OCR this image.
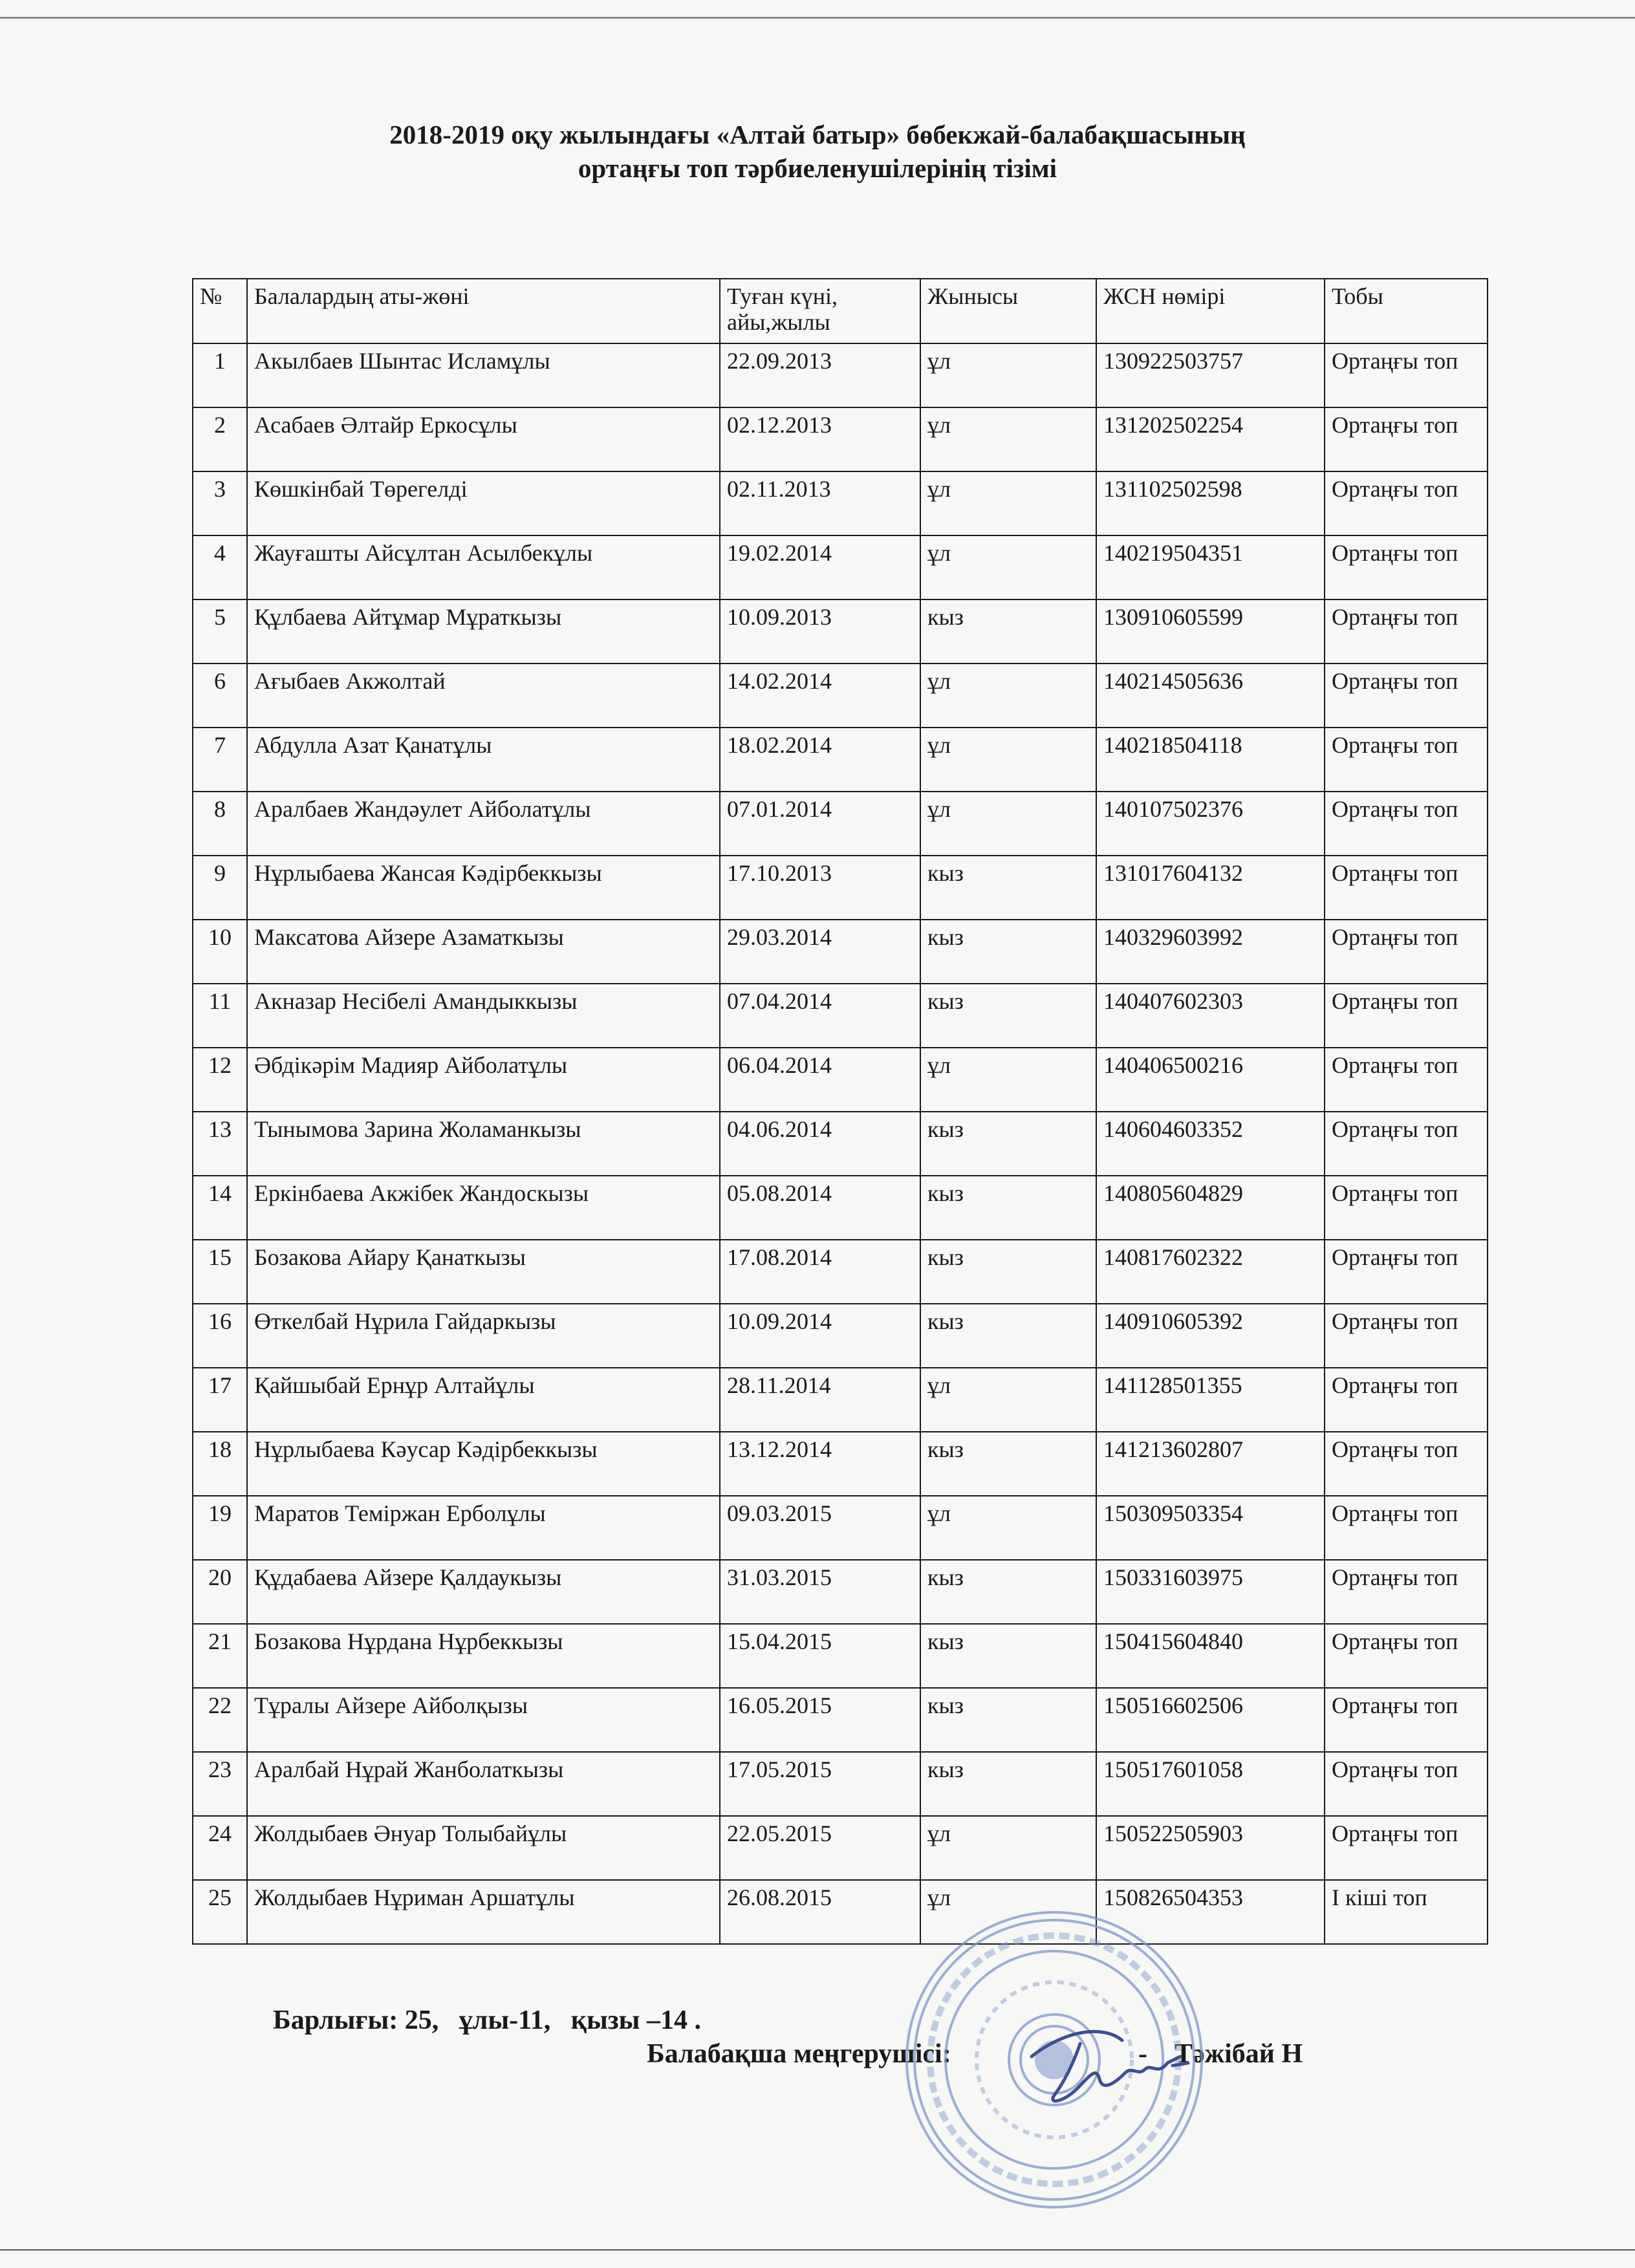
2018-2019 оқу жылындағы «Алтай батыр» бөбекжай-балабақшасының
ортаңғы топ тәрбиеленушілерінің тізімі
№	Балалардың аты-жөні	Туған күні, айы,жылы	Жынысы	ЖСН нөмірі	Тобы
1	Акылбаев Шынтас Исламұлы	22.09.2013	ұл	130922503757	Ортаңғы топ
2	Асабаев Әлтайр Еркосұлы	02.12.2013	ұл	131202502254	Ортаңғы топ
3	Көшкінбай Төрегелді	02.11.2013	ұл	131102502598	Ортаңғы топ
4	Жауғашты Айсұлтан Асылбекұлы	19.02.2014	ұл	140219504351	Ортаңғы топ
5	Құлбаева Айтұмар Мұраткызы	10.09.2013	кыз	130910605599	Ортаңғы топ
6	Ағыбаев Акжолтай	14.02.2014	ұл	140214505636	Ортаңғы топ
7	Абдулла Азат Қанатұлы	18.02.2014	ұл	140218504118	Ортаңғы топ
8	Аралбаев Жандәулет Айболатұлы	07.01.2014	ұл	140107502376	Ортаңғы топ
9	Нұрлыбаева Жансая Кәдірбеккызы	17.10.2013	кыз	131017604132	Ортаңғы топ
10	Максатова Айзере Азаматкызы	29.03.2014	кыз	140329603992	Ортаңғы топ
11	Акназар Несібелі Амандыккызы	07.04.2014	кыз	140407602303	Ортаңғы топ
12	Әбдікәрім Мадияр Айболатұлы	06.04.2014	ұл	140406500216	Ортаңғы топ
13	Тынымова Зарина Жоламанкызы	04.06.2014	кыз	140604603352	Ортаңғы топ
14	Еркінбаева Акжібек Жандоскызы	05.08.2014	кыз	140805604829	Ортаңғы топ
15	Бозакова Айару Қанаткызы	17.08.2014	кыз	140817602322	Ортаңғы топ
16	Өткелбай Нұрила Гайдаркызы	10.09.2014	кыз	140910605392	Ортаңғы топ
17	Қайшыбай Ернұр Алтайұлы	28.11.2014	ұл	141128501355	Ортаңғы топ
18	Нұрлыбаева Кәусар Кәдірбеккызы	13.12.2014	кыз	141213602807	Ортаңғы топ
19	Маратов Теміржан Ерболұлы	09.03.2015	ұл	150309503354	Ортаңғы топ
20	Құдабаева Айзере Қалдаукызы	31.03.2015	кыз	150331603975	Ортаңғы топ
21	Бозакова Нұрдана Нұрбеккызы	15.04.2015	кыз	150415604840	Ортаңғы топ
22	Тұралы Айзере Айболқызы	16.05.2015	кыз	150516602506	Ортаңғы топ
23	Аралбай Нұрай Жанболаткызы	17.05.2015	кыз	150517601058	Ортаңғы топ
24	Жолдыбаев Әнуар Толыбайұлы	22.05.2015	ұл	150522505903	Ортаңғы топ
25	Жолдыбаев Нұриман Аршатұлы	26.08.2015	ұл	150826504353	І кіші топ
Барлығы: 25,   ұлы-11,   қызы –14 .
Балабақша меңгерушісі:	- Тәжібай Н
